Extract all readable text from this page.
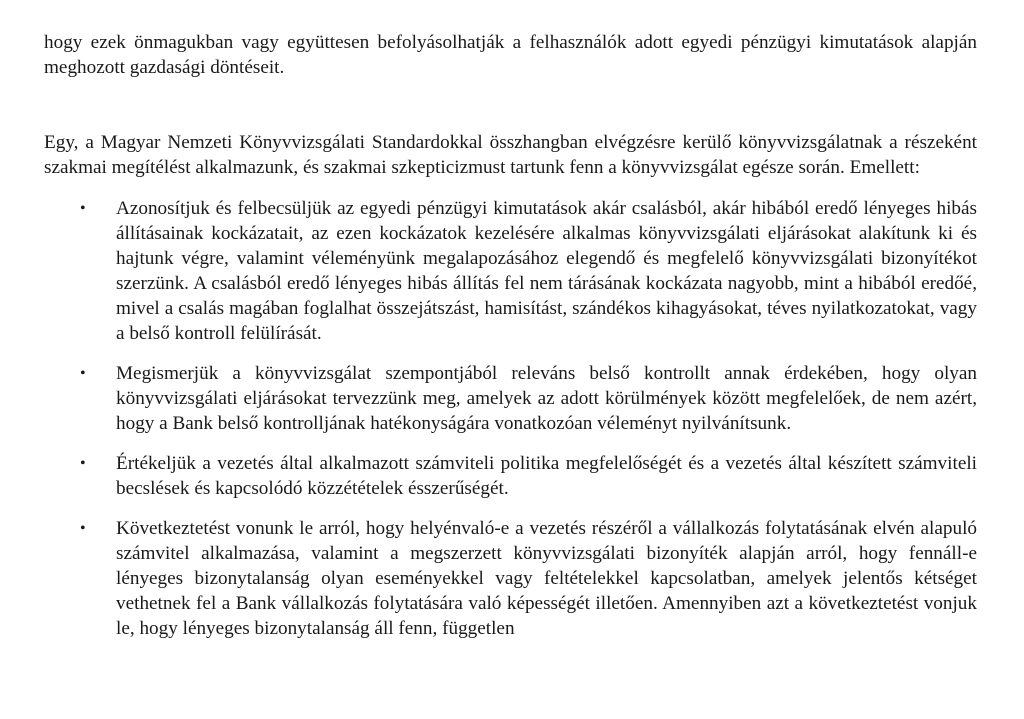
hogy ezek önmagukban vagy együttesen befolyásolhatják a felhasználók adott egyedi pénzügyi kimutatások alapján meghozott gazdasági döntéseit.

Egy, a Magyar Nemzeti Könyvvizsgálati Standardokkal összhangban elvégzésre kerülő könyvvizsgálatnak a részeként szakmai megítélést alkalmazunk, és szakmai szkepticizmust tartunk fenn a könyvvizsgálat egésze során. Emellett:

• Azonosítjuk és felbecsüljük az egyedi pénzügyi kimutatások akár csalásból, akár hibából eredő lényeges hibás állításainak kockázatait, az ezen kockázatok kezelésére alkalmas könyvvizsgálati eljárásokat alakítunk ki és hajtunk végre, valamint véleményünk megalapozásához elegendő és megfelelő könyvvizsgálati bizonyítékot szerzünk. A csalásból eredő lényeges hibás állítás fel nem tárásának kockázata nagyobb, mint a hibából eredőé, mivel a csalás magában foglalhat összejátszást, hamisítást, szándékos kihagyásokat, téves nyilatkozatokat, vagy a belső kontroll felülírását.

• Megismerjük a könyvvizsgálat szempontjából releváns belső kontrollt annak érdekében, hogy olyan könyvvizsgálati eljárásokat tervezzünk meg, amelyek az adott körülmények között megfelelőek, de nem azért, hogy a Bank belső kontrolljának hatékonyságára vonatkozóan véleményt nyilvánítsunk.

• Értékeljük a vezetés által alkalmazott számviteli politika megfelelőségét és a vezetés által készített számviteli becslések és kapcsolódó közzétételek ésszerűségét.

• Következtetést vonunk le arról, hogy helyénvaló-e a vezetés részéről a vállalkozás folytatásának elvén alapuló számvitel alkalmazása, valamint a megszerzett könyvvizsgálati bizonyíték alapján arról, hogy fennáll-e lényeges bizonytalanság olyan eseményekkel vagy feltételekkel kapcsolatban, amelyek jelentős kétséget vethetnek fel a Bank vállalkozás folytatására való képességét illetően. Amennyiben azt a következtetést vonjuk le, hogy lényeges bizonytalanság áll fenn, független
